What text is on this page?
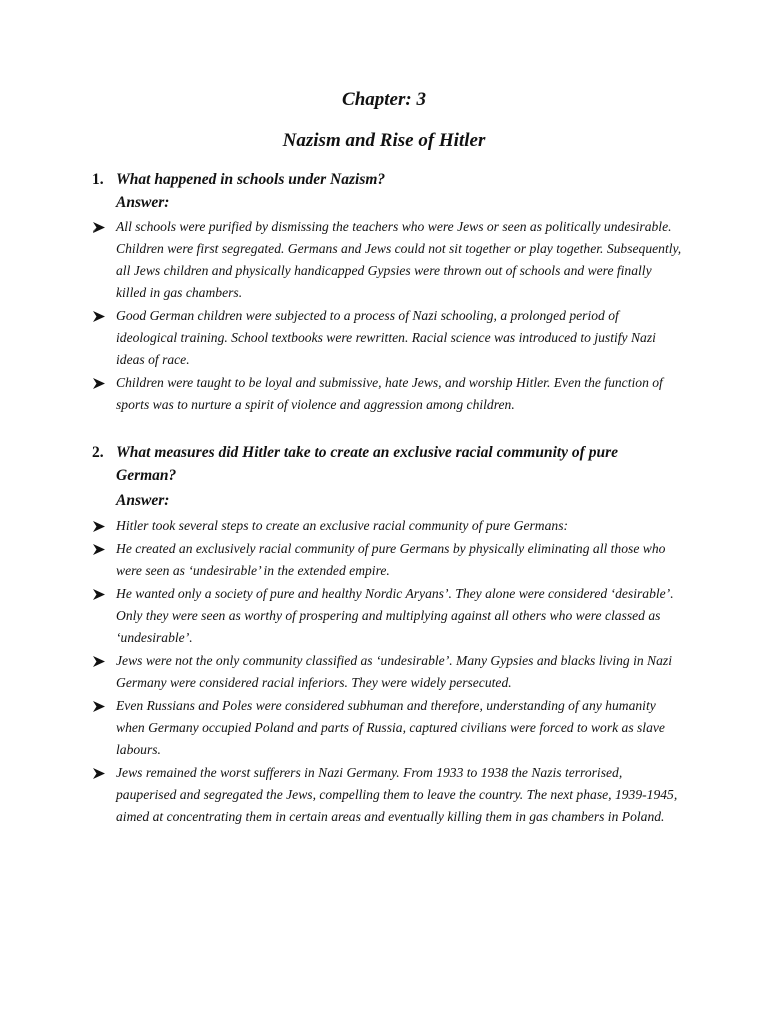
Chapter: 3
Nazism and Rise of Hitler
1. What happened in schools under Nazism?
Answer:
All schools were purified by dismissing the teachers who were Jews or seen as politically undesirable. Children were first segregated. Germans and Jews could not sit together or play together. Subsequently, all Jews children and physically handicapped Gypsies were thrown out of schools and were finally killed in gas chambers.
Good German children were subjected to a process of Nazi schooling, a prolonged period of ideological training. School textbooks were rewritten. Racial science was introduced to justify Nazi ideas of race.
Children were taught to be loyal and submissive, hate Jews, and worship Hitler. Even the function of sports was to nurture a spirit of violence and aggression among children.
2. What measures did Hitler take to create an exclusive racial community of pure German?
Answer:
Hitler took several steps to create an exclusive racial community of pure Germans:
He created an exclusively racial community of pure Germans by physically eliminating all those who were seen as ‘undesirable’ in the extended empire.
He wanted only a society of pure and healthy Nordic Aryans’. They alone were considered ‘desirable’. Only they were seen as worthy of prospering and multiplying against all others who were classed as ‘undesirable’.
Jews were not the only community classified as ‘undesirable’. Many Gypsies and blacks living in Nazi Germany were considered racial inferiors. They were widely persecuted.
Even Russians and Poles were considered subhuman and therefore, understanding of any humanity when Germany occupied Poland and parts of Russia, captured civilians were forced to work as slave labours.
Jews remained the worst sufferers in Nazi Germany. From 1933 to 1938 the Nazis terrorised, pauperised and segregated the Jews, compelling them to leave the country. The next phase, 1939-1945, aimed at concentrating them in certain areas and eventually killing them in gas chambers in Poland.
